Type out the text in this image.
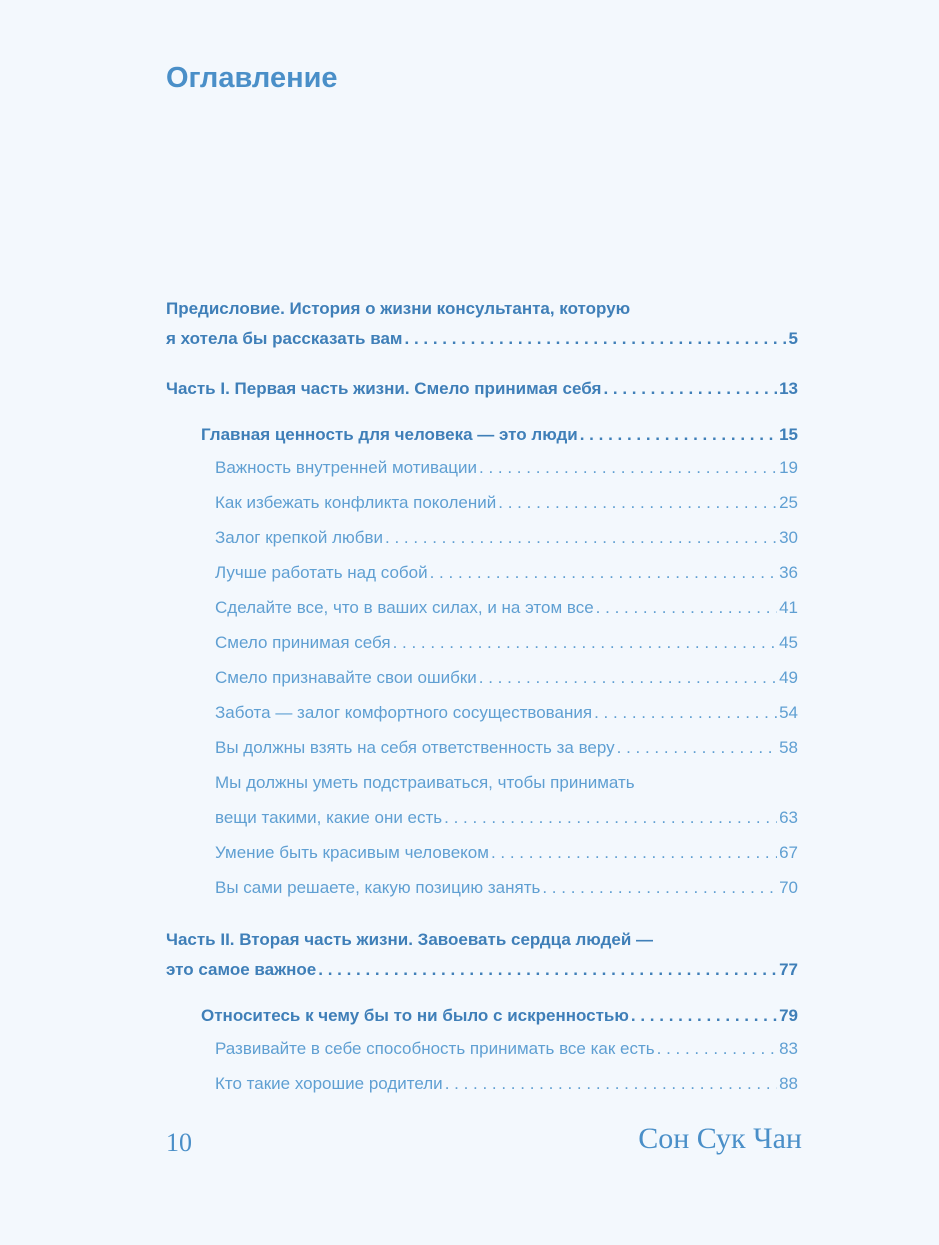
Оглавление
Предисловие. История о жизни консультанта, которую
я хотела бы рассказать вам . . .	5
Часть I. Первая часть жизни. Смело принимая себя . . .	13
Главная ценность для человека — это люди . . .	15
Важность внутренней мотивации . . .	19
Как избежать конфликта поколений . . .	25
Залог крепкой любви . . .	30
Лучше работать над собой . . .	36
Сделайте все, что в ваших силах, и на этом все . . .	41
Смело принимая себя . . .	45
Смело признавайте свои ошибки . . .	49
Забота — залог комфортного сосуществования . . .	54
Вы должны взять на себя ответственность за веру . . .	58
Мы должны уметь подстраиваться, чтобы принимать
вещи такими, какие они есть . . .	63
Умение быть красивым человеком . . .	67
Вы сами решаете, какую позицию занять . . .	70
Часть II. Вторая часть жизни. Завоевать сердца людей —
это самое важное . . .	77
Относитесь к чему бы то ни было с искренностью . . .	79
Развивайте в себе способность принимать все как есть . . .	83
Кто такие хорошие родители . . .	88
10	Сон Сук Чан
